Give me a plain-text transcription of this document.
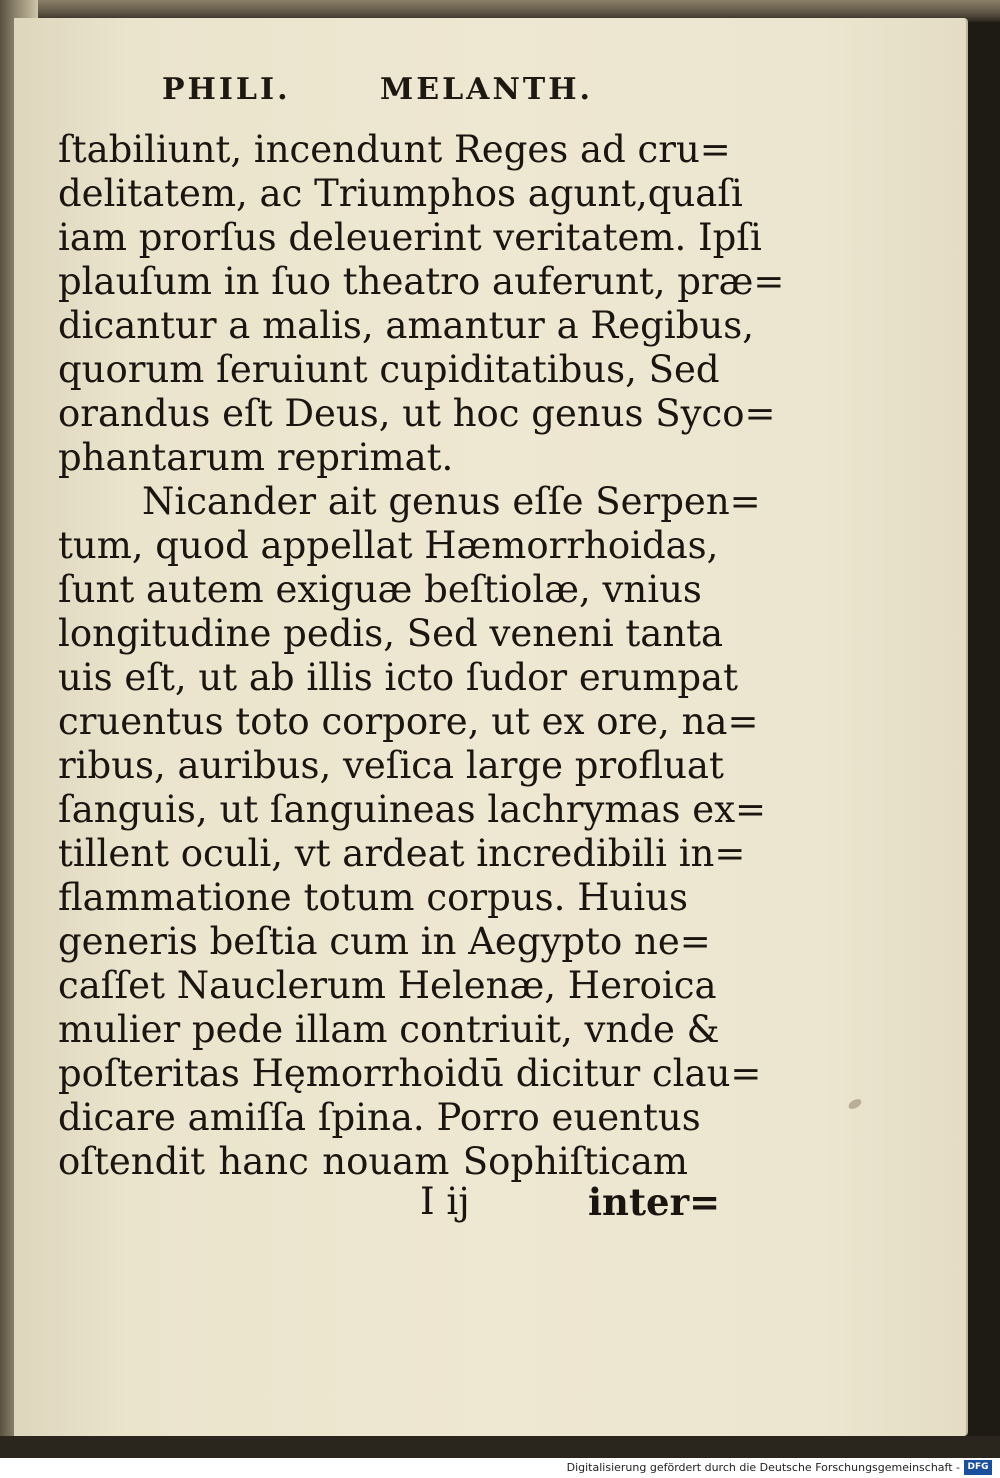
PHILI.	MELANTH.
ſtabiliunt, incendunt Reges ad cru=
delitatem, ac Triumphos agunt,quaſi
iam prorſus deleuerint veritatem. Ipſi
plauſum in ſuo theatro auferunt, præ=
dicantur a malis, amantur a Regibus,
quorum ſeruiunt cupiditatibus, Sed
orandus eſt Deus, ut hoc genus Syco=
phantarum reprimat.
Nicander ait genus eſſe Serpen=
tum, quod appellat Hæmorrhoidas,
ſunt autem exiguæ beſtiolæ, vnius
longitudine pedis, Sed veneni tanta
uis eſt, ut ab illis icto ſudor erumpat
cruentus toto corpore, ut ex ore, na=
ribus, auribus, veſica large profluat
ſanguis, ut ſanguineas lachrymas ex=
tillent oculi, vt ardeat incredibili in=
flammatione totum corpus. Huius
generis beſtia cum in Aegypto ne=
caſſet Nauclerum Helenæ, Heroica
mulier pede illam contriuit, vnde &
poſteritas Hęmorrhoidū dicitur clau=
dicare amiſſa ſpina. Porro euentus
oſtendit hanc nouam Sophiſticam
I ij	inter=
Digitalisierung gefördert durch die Deutsche Forschungsgemeinschaft - DFG
